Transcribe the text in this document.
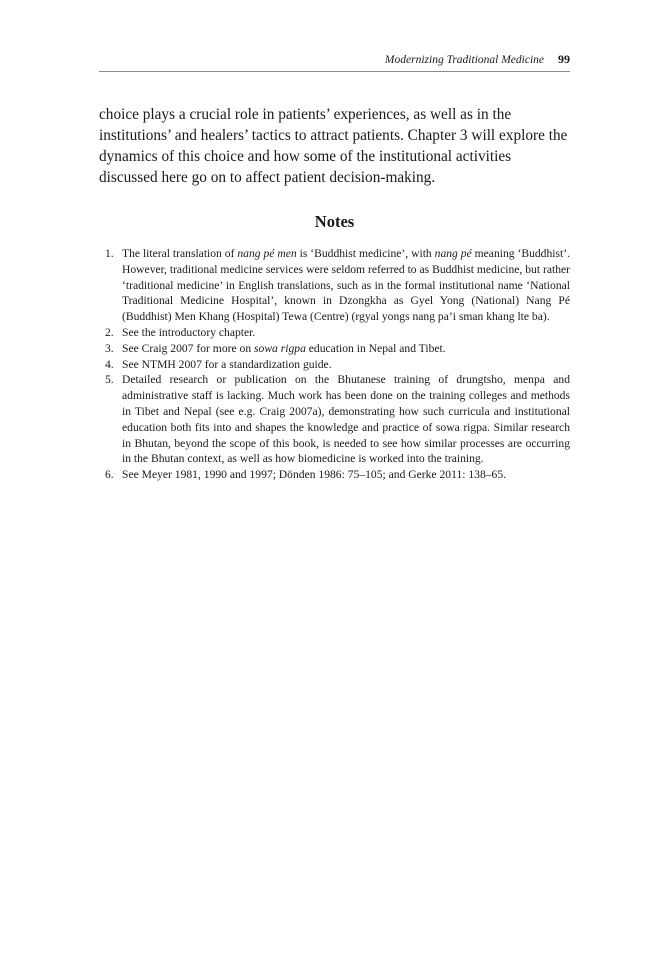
Modernizing Traditional Medicine 99

choice plays a crucial role in patients’ experiences, as well as in the institutions’ and healers’ tactics to attract patients. Chapter 3 will explore the dynamics of this choice and how some of the institutional activities discussed here go on to affect patient decision-making.

Notes
1. The literal translation of nang pé men is ‘Buddhist medicine’, with nang pé meaning ‘Buddhist’. However, traditional medicine services were seldom referred to as Buddhist medicine, but rather ‘traditional medicine’ in English translations, such as in the formal institutional name ‘National Traditional Medicine Hospital’, known in Dzongkha as Gyel Yong (National) Nang Pé (Buddhist) Men Khang (Hospital) Tewa (Centre) (rgyal yongs nang pa’i sman khang lte ba).
2. See the introductory chapter.
3. See Craig 2007 for more on sowa rigpa education in Nepal and Tibet.
4. See NTMH 2007 for a standardization guide.
5. Detailed research or publication on the Bhutanese training of drungtsho, menpa and administrative staff is lacking. Much work has been done on the training colleges and methods in Tibet and Nepal (see e.g. Craig 2007a), demonstrating how such curricula and institutional education both fits into and shapes the knowledge and practice of sowa rigpa. Similar research in Bhutan, beyond the scope of this book, is needed to see how similar processes are occurring in the Bhutan context, as well as how biomedicine is worked into the training.
6. See Meyer 1981, 1990 and 1997; Dönden 1986: 75–105; and Gerke 2011: 138–65.
